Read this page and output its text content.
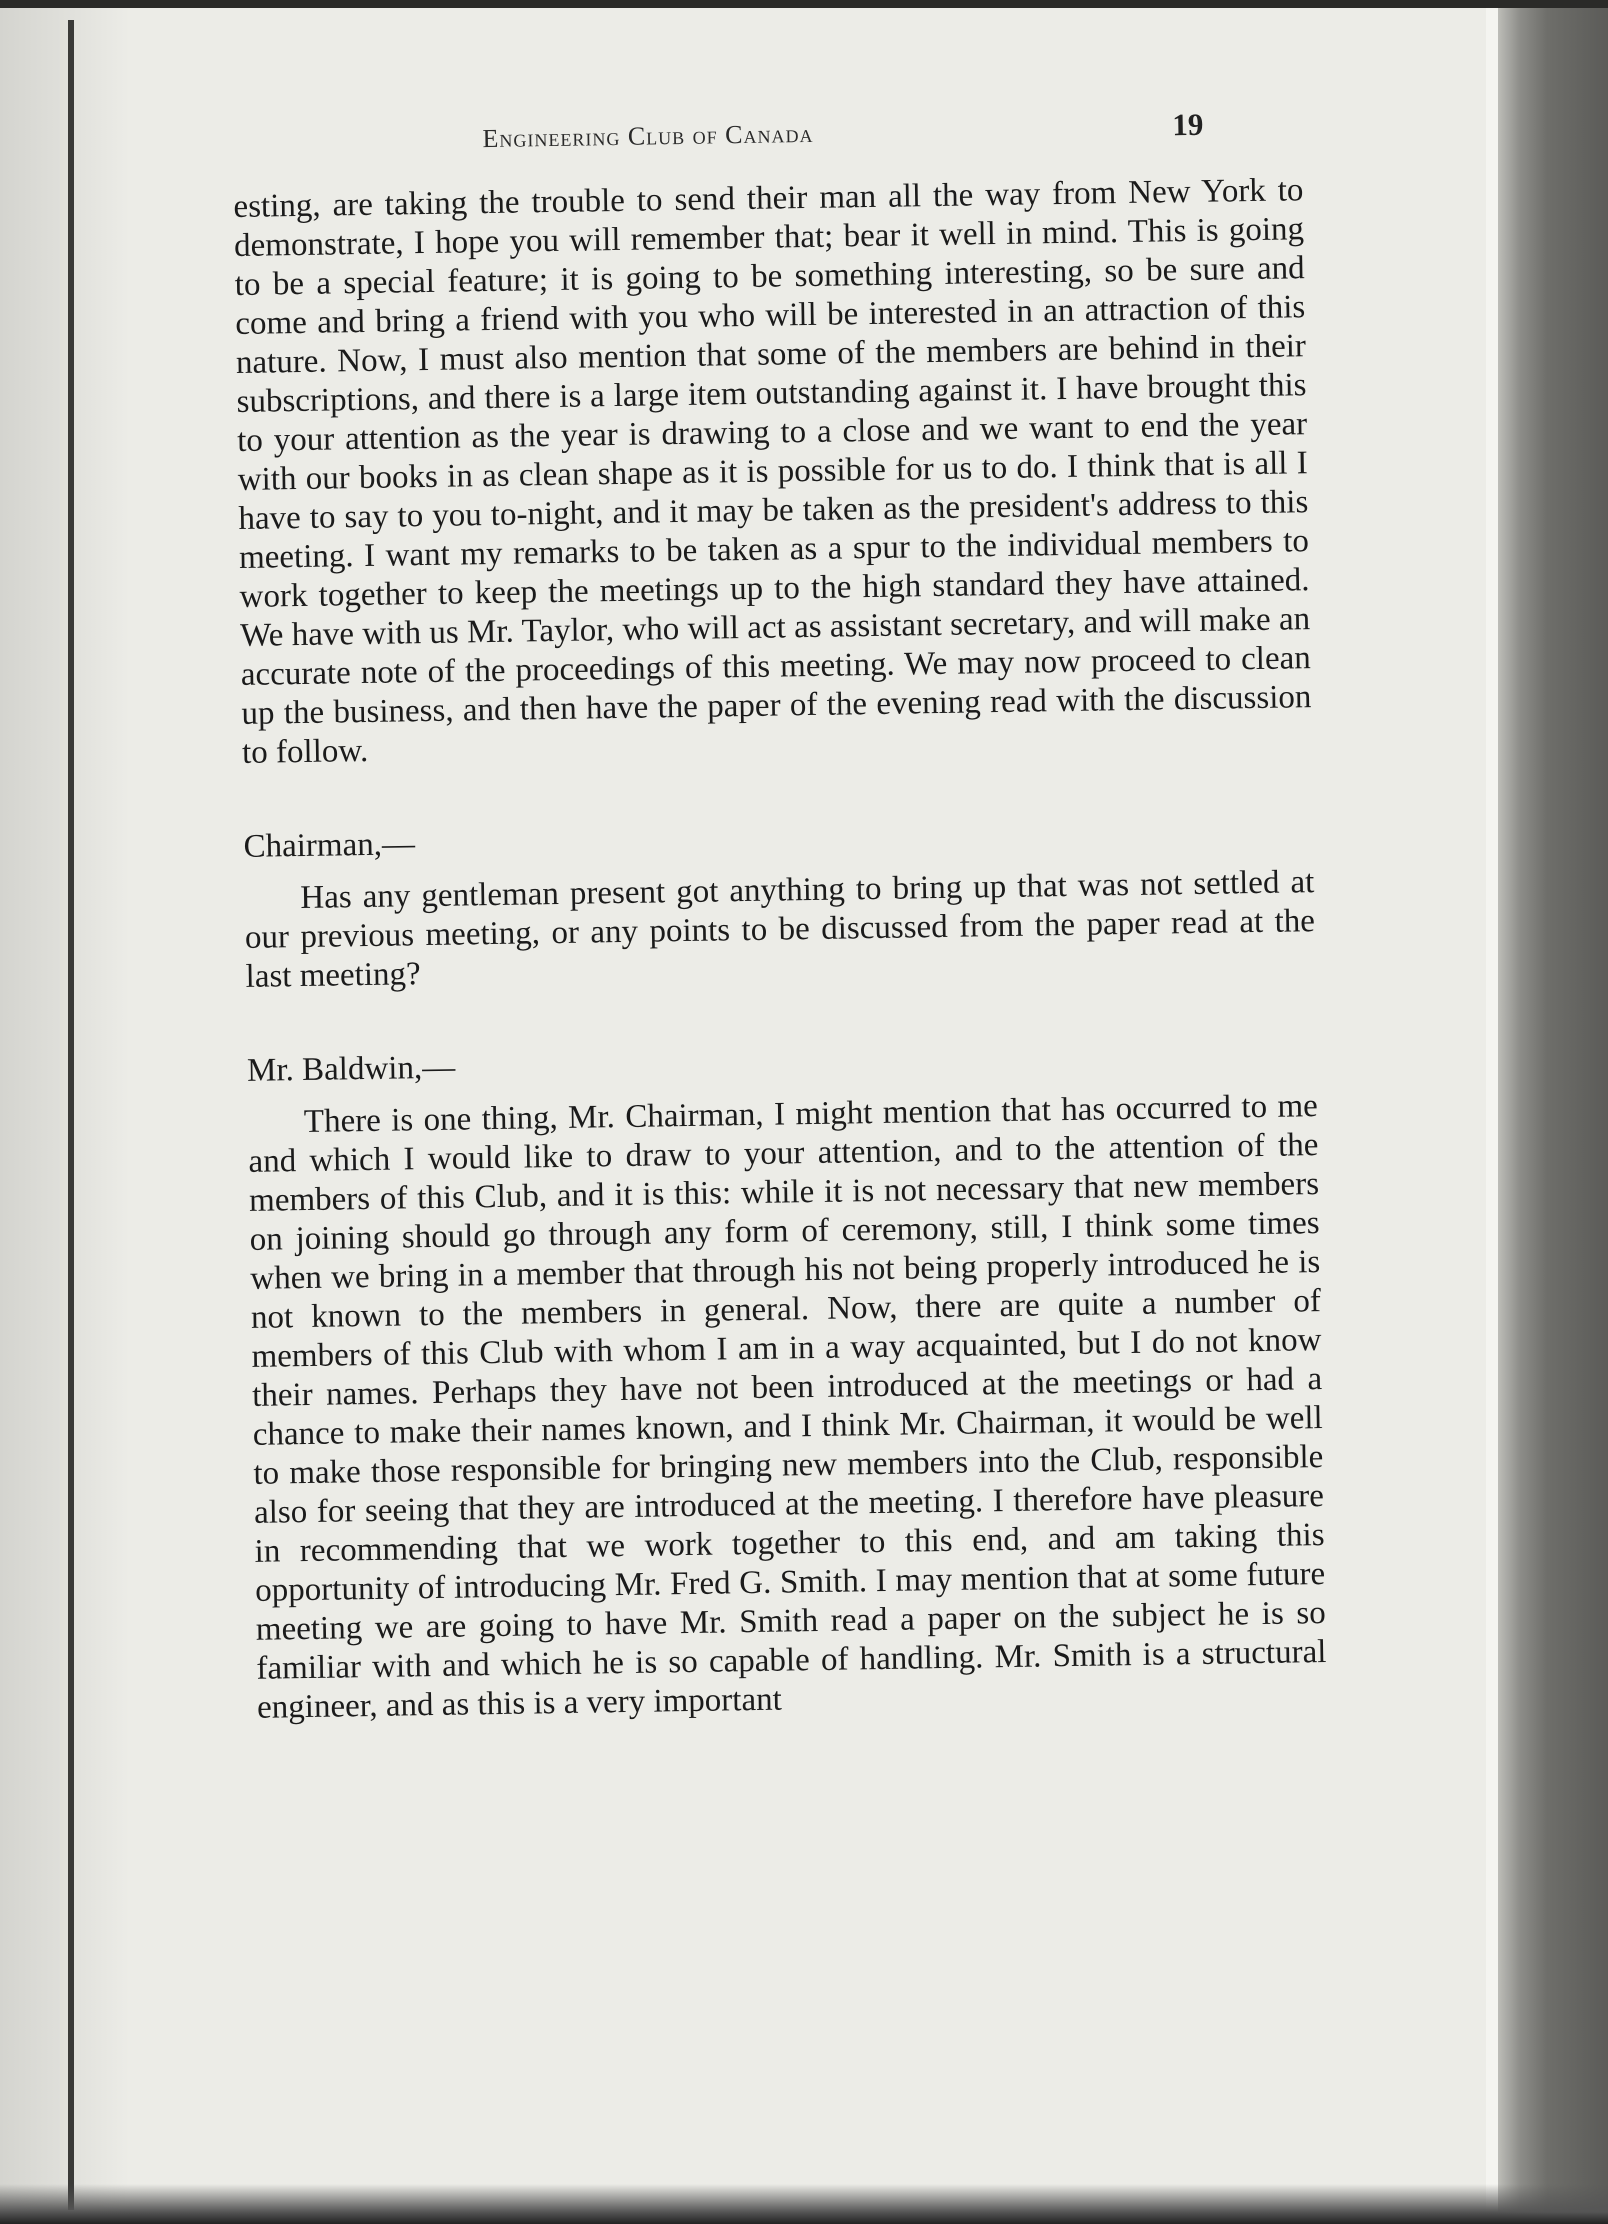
Engineering Club of Canada	19

esting, are taking the trouble to send their man all the way from New York to demonstrate, I hope you will remember that; bear it well in mind. This is going to be a special feature; it is going to be something interesting, so be sure and come and bring a friend with you who will be interested in an attraction of this nature. Now, I must also mention that some of the members are behind in their subscriptions, and there is a large item outstanding against it. I have brought this to your attention as the year is drawing to a close and we want to end the year with our books in as clean shape as it is possible for us to do. I think that is all I have to say to you to-night, and it may be taken as the president's address to this meeting. I want my remarks to be taken as a spur to the individual members to work together to keep the meetings up to the high standard they have attained. We have with us Mr. Taylor, who will act as assistant secretary, and will make an accurate note of the proceedings of this meeting. We may now proceed to clean up the business, and then have the paper of the evening read with the discussion to follow.

Chairman,—

Has any gentleman present got anything to bring up that was not settled at our previous meeting, or any points to be discussed from the paper read at the last meeting?

Mr. Baldwin,—

There is one thing, Mr. Chairman, I might mention that has occurred to me and which I would like to draw to your attention, and to the attention of the members of this Club, and it is this: while it is not necessary that new members on joining should go through any form of ceremony, still, I think some times when we bring in a member that through his not being properly introduced he is not known to the members in general. Now, there are quite a number of members of this Club with whom I am in a way acquainted, but I do not know their names. Perhaps they have not been introduced at the meetings or had a chance to make their names known, and I think Mr. Chairman, it would be well to make those responsible for bringing new members into the Club, responsible also for seeing that they are introduced at the meeting. I therefore have pleasure in recommending that we work together to this end, and am taking this opportunity of introducing Mr. Fred G. Smith. I may mention that at some future meeting we are going to have Mr. Smith read a paper on the subject he is so familiar with and which he is so capable of handling. Mr. Smith is a structural engineer, and as this is a very important
